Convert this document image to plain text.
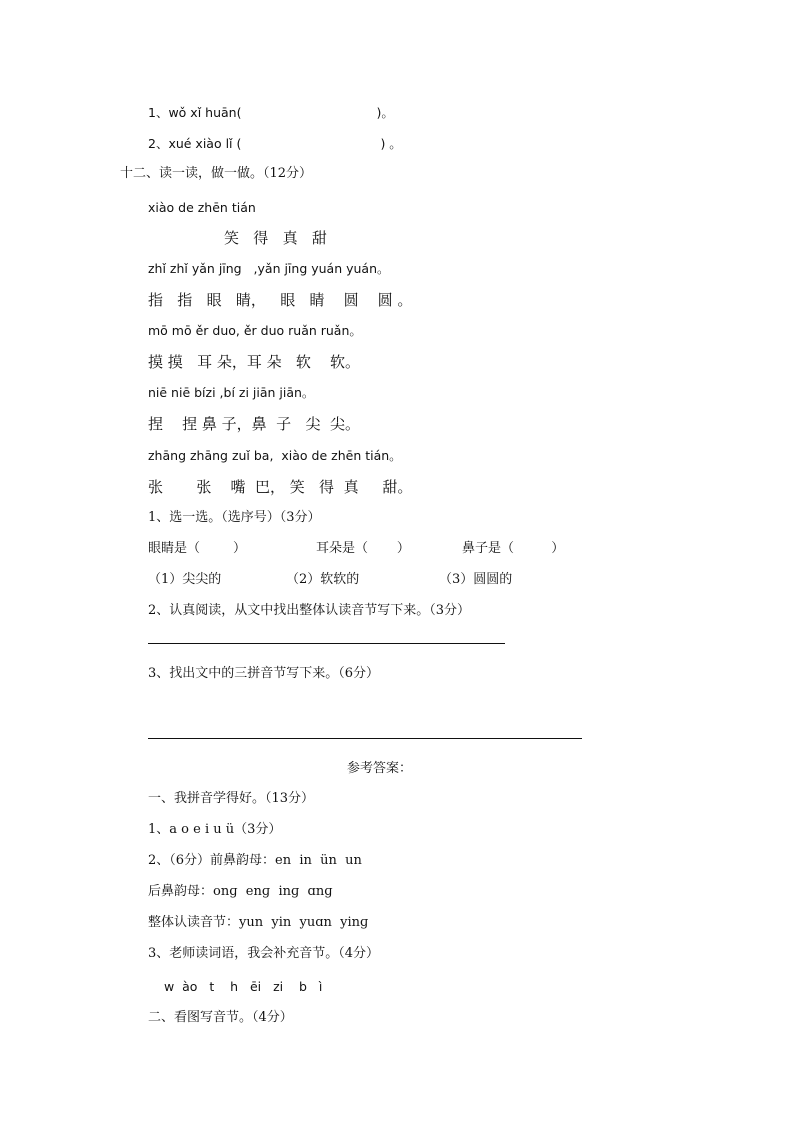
1、wǒ xǐ huān(                                  )。
2、xué xiào lǐ (                                   ) 。
十二、读一读，做一做。（12分）
xiào de zhēn tián
笑   得   真   甜
zhǐ zhǐ yǎn jīng   ,yǎn jīng yuán yuán。
指   指   眼   睛，   眼   睛    圆    圆 。
mō mō ěr duo, ěr duo ruǎn ruǎn。
摸 摸   耳 朵，耳 朵   软    软。
niē niē bízi ,bí zi jiān jiān。
捏    捏 鼻 子，鼻  子   尖  尖。
zhāng zhāng zuǐ ba,  xiào de zhēn tián。
张       张    嘴  巴， 笑   得  真     甜。
1、选一选。（选序号）（3分）
眼睛是（        ）	耳朵是（       ）	鼻子是（         ）
（1）尖尖的	（2）软软的	（3）圆圆的
2、认真阅读，从文中找出整体认读音节写下来。（3分）
3、找出文中的三拼音节写下来。（6分）
参考答案：
一、我拼音学得好。（13分）
1、a o e i u ü（3分）
2、（6分）前鼻韵母：en  in  ün  un
后鼻韵母：onɡ  enɡ  inɡ  ɑnɡ
整体认读音节：yun  yin  yuɑn  yinɡ
3、老师读词语，我会补充音节。（4分）
w  ào   t    h   ēi   zi    b   ì
二、看图写音节。（4分）
